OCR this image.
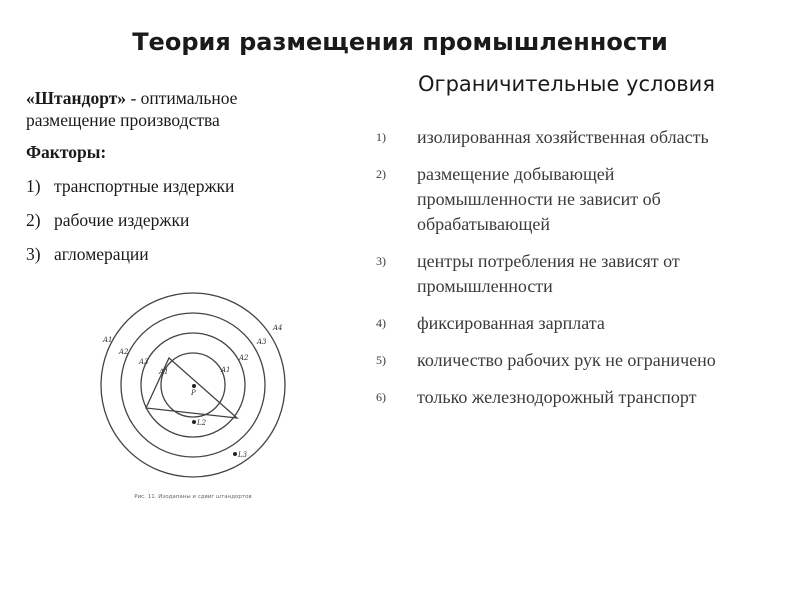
Теория размещения промышленности

«Штандорт» - оптимальное размещение производства

Факторы:
1) транспортные издержки
2) рабочие издержки
3) агломерации
Ограничительные условия
1)	изолированная хозяйственная область
2)	размещение добывающей промышленности не зависит об обрабатывающей
3)	центры потребления не зависят от промышленности
4)	фиксированная зарплата
5)	количество рабочих рук не ограничено
6)	только железнодорожный транспорт
A1
A2
A3
A1	A1
A2
A3
A4
P
L2
L3
Рис. 11. Изодапаны и сдвиг штандортов
